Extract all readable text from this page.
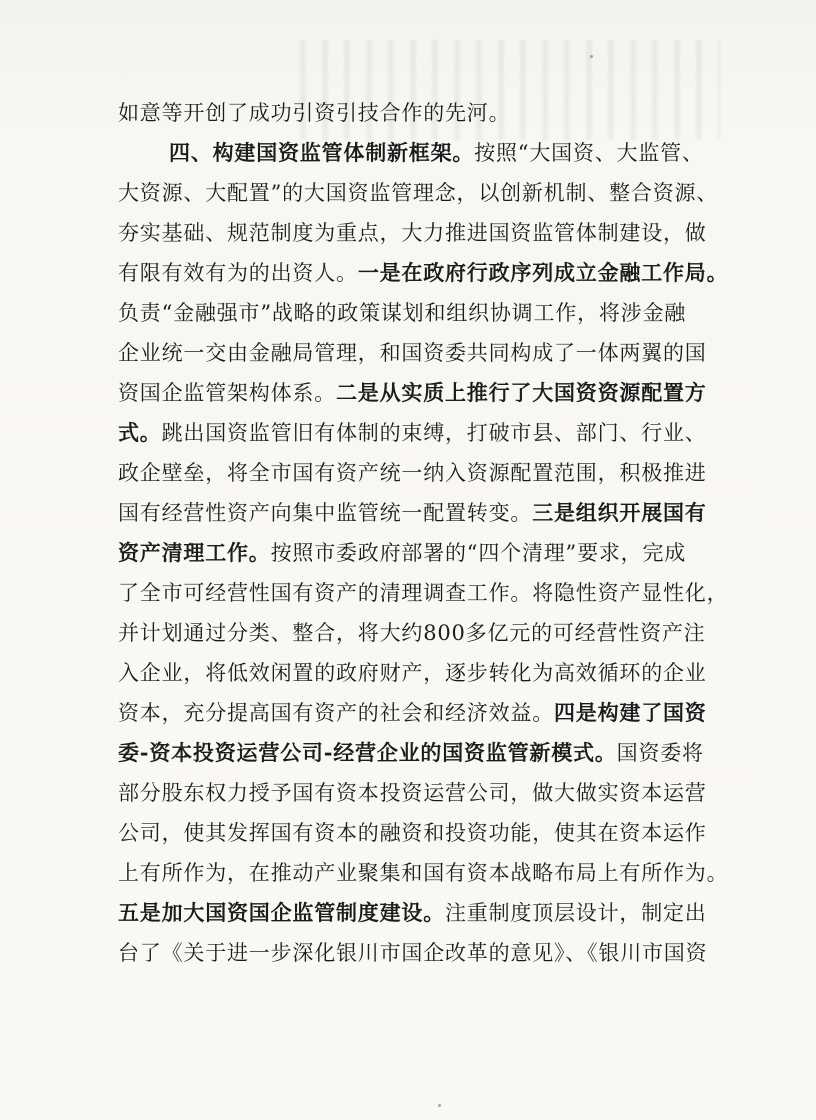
如意等开创了成功引资引技合作的先河。
四、构建国资监管体制新框架。按照“大国资、大监管、
大资源、大配置”的大国资监管理念，以创新机制、整合资源、
夯实基础、规范制度为重点，大力推进国资监管体制建设，做
有限有效有为的出资人。一是在政府行政序列成立金融工作局。
负责“金融强市”战略的政策谋划和组织协调工作，将涉金融
企业统一交由金融局管理，和国资委共同构成了一体两翼的国
资国企监管架构体系。二是从实质上推行了大国资资源配置方
式。跳出国资监管旧有体制的束缚，打破市县、部门、行业、
政企壁垒，将全市国有资产统一纳入资源配置范围，积极推进
国有经营性资产向集中监管统一配置转变。三是组织开展国有
资产清理工作。按照市委政府部署的“四个清理”要求，完成
了全市可经营性国有资产的清理调查工作。将隐性资产显性化，
并计划通过分类、整合，将大约800多亿元的可经营性资产注
入企业，将低效闲置的政府财产，逐步转化为高效循环的企业
资本，充分提高国有资产的社会和经济效益。四是构建了国资
委-资本投资运营公司-经营企业的国资监管新模式。国资委将
部分股东权力授予国有资本投资运营公司，做大做实资本运营
公司，使其发挥国有资本的融资和投资功能，使其在资本运作
上有所作为，在推动产业聚集和国有资本战略布局上有所作为。
五是加大国资国企监管制度建设。注重制度顶层设计，制定出
台了《关于进一步深化银川市国企改革的意见》、《银川市国资
